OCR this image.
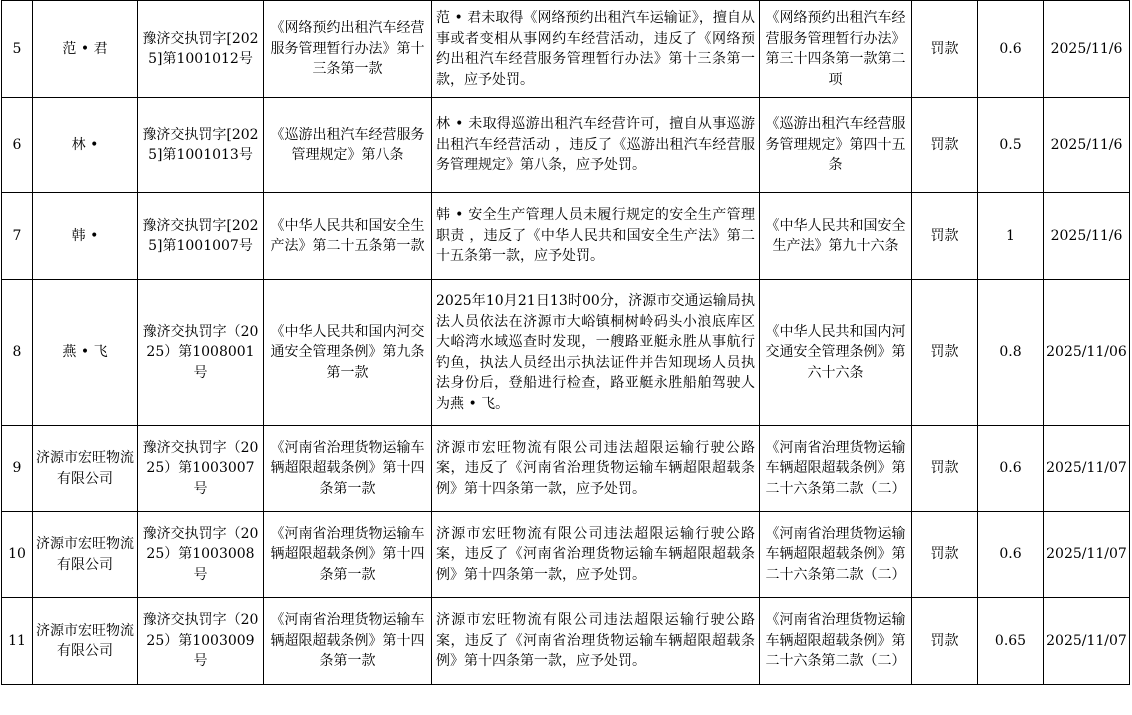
5	范 • 君	豫济交执罚字[2025]第1001012号	《网络预约出租汽车经营服务管理暂行办法》第十三条第一款	范 • 君未取得《网络预约出租汽车运输证》，擅自从事或者变相从事网约车经营活动，违反了《网络预约出租汽车经营服务管理暂行办法》第十三条第一款，应予处罚。	《网络预约出租汽车经营服务管理暂行办法》第三十四条第一款第二项	罚款	0.6	2025/11/6
6	林 •	豫济交执罚字[2025]第1001013号	《巡游出租汽车经营服务管理规定》第八条	林 • 未取得巡游出租汽车经营许可，擅自从事巡游出租汽车经营活动 ，违反了《巡游出租汽车经营服务管理规定》第八条，应予处罚。	《巡游出租汽车经营服务管理规定》第四十五条	罚款	0.5	2025/11/6
7	韩 •	豫济交执罚字[2025]第1001007号	《中华人民共和国安全生产法》第二十五条第一款	韩 • 安全生产管理人员未履行规定的安全生产管理职责 ，违反了《中华人民共和国安全生产法》第二十五条第一款，应予处罚。	《中华人民共和国安全生产法》第九十六条	罚款	1	2025/11/6
8	燕 • 飞	豫济交执罚字（2025）第1008001号	《中华人民共和国内河交通安全管理条例》第九条第一款	2025年10月21日13时00分，济源市交通运输局执法人员依法在济源市大峪镇桐树岭码头小浪底库区大峪湾水域巡查时发现，一艘路亚艇永胜从事航行钓鱼，执法人员经出示执法证件并告知现场人员执法身份后，登船进行检查，路亚艇永胜船舶驾驶人为燕 • 飞。	《中华人民共和国内河交通安全管理条例》第六十六条	罚款	0.8	2025/11/06
9	济源市宏旺物流有限公司	豫济交执罚字（2025）第1003007号	《河南省治理货物运输车辆超限超载条例》第十四条第一款	济源市宏旺物流有限公司违法超限运输行驶公路案，违反了《河南省治理货物运输车辆超限超载条例》第十四条第一款，应予处罚。	《河南省治理货物运输车辆超限超载条例》第二十六条第二款（二）	罚款	0.6	2025/11/07
10	济源市宏旺物流有限公司	豫济交执罚字（2025）第1003008号	《河南省治理货物运输车辆超限超载条例》第十四条第一款	济源市宏旺物流有限公司违法超限运输行驶公路案，违反了《河南省治理货物运输车辆超限超载条例》第十四条第一款，应予处罚。	《河南省治理货物运输车辆超限超载条例》第二十六条第二款（二）	罚款	0.6	2025/11/07
11	济源市宏旺物流有限公司	豫济交执罚字（2025）第1003009号	《河南省治理货物运输车辆超限超载条例》第十四条第一款	济源市宏旺物流有限公司违法超限运输行驶公路案，违反了《河南省治理货物运输车辆超限超载条例》第十四条第一款，应予处罚。	《河南省治理货物运输车辆超限超载条例》第二十六条第二款（二）	罚款	0.65	2025/11/07
